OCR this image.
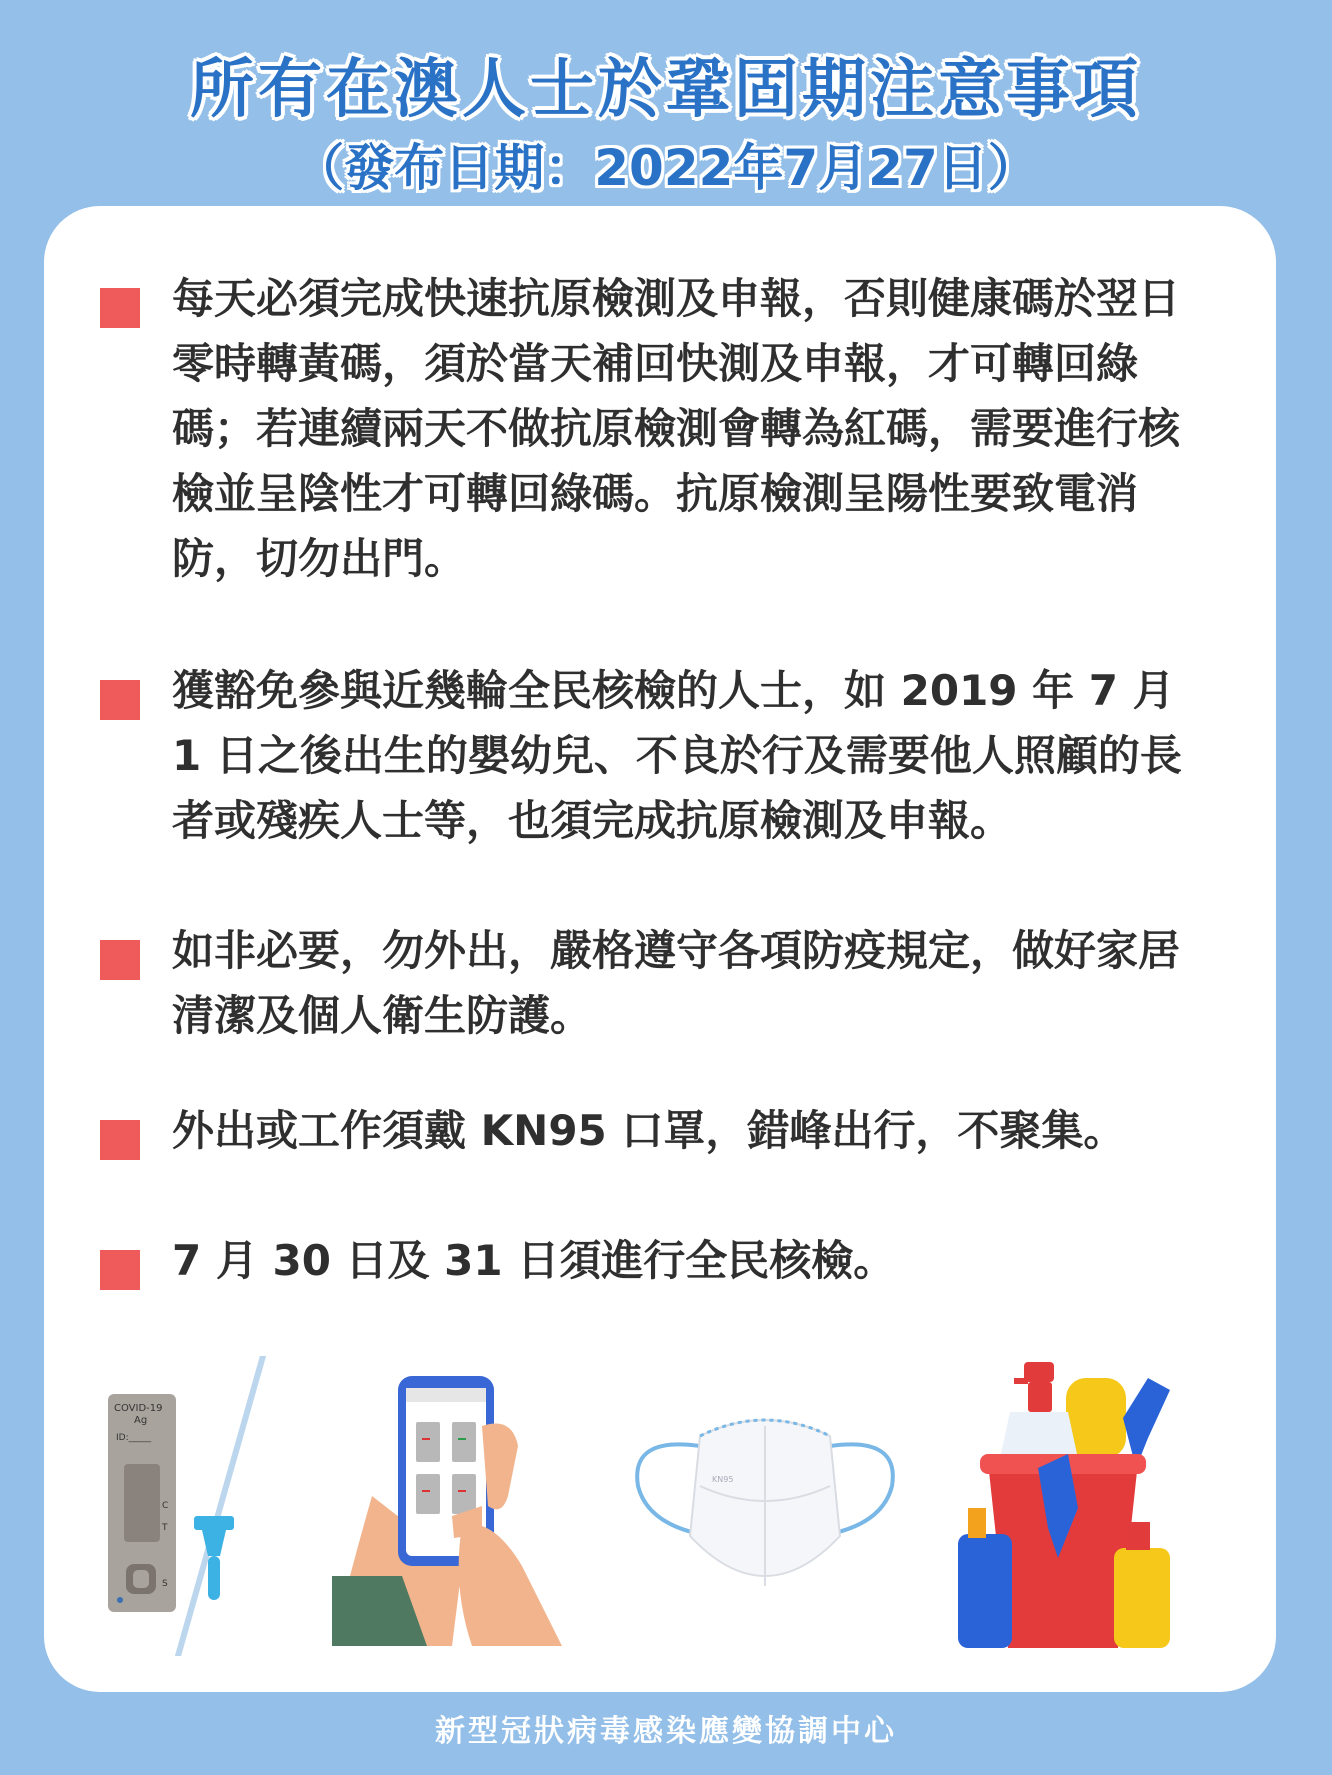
所有在澳人士於鞏固期注意事項
（發布日期：2022年7月27日）
每天必須完成快速抗原檢測及申報，否則健康碼於翌日零時轉黃碼，須於當天補回快測及申報，才可轉回綠碼；若連續兩天不做抗原檢測會轉為紅碼，需要進行核檢並呈陰性才可轉回綠碼。抗原檢測呈陽性要致電消防，切勿出門。
獲豁免參與近幾輪全民核檢的人士，如 2019 年 7 月 1 日之後出生的嬰幼兒、不良於行及需要他人照顧的長者或殘疾人士等，也須完成抗原檢測及申報。
如非必要，勿外出，嚴格遵守各項防疫規定，做好家居清潔及個人衛生防護。
外出或工作須戴 KN95 口罩，錯峰出行，不聚集。
7 月 30 日及 31 日須進行全民核檢。
COVID-19
Ag
ID:_____
C
T
S
KN95
新型冠狀病毒感染應變協調中心
